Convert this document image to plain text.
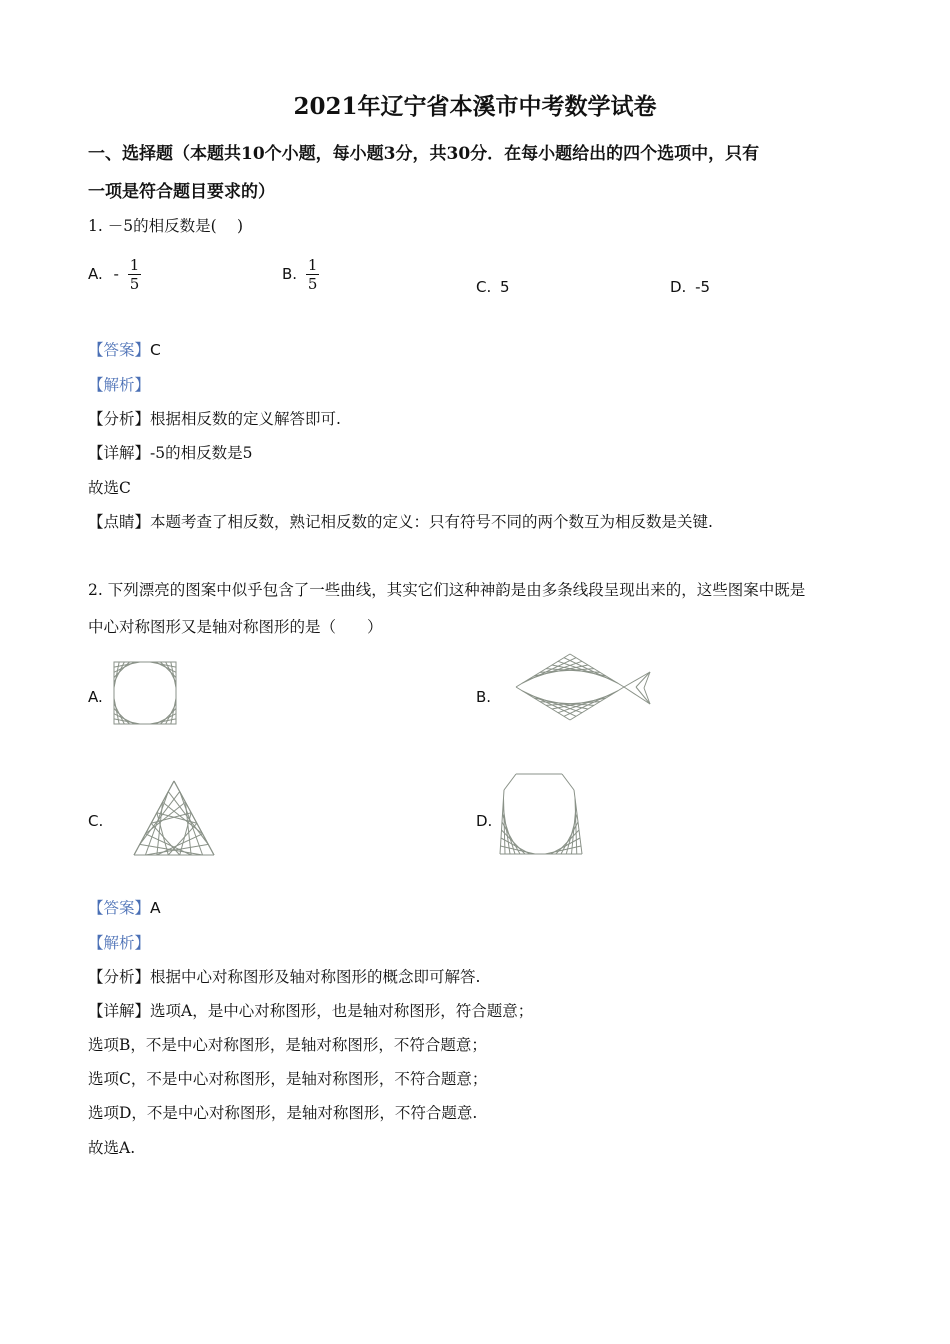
2021年辽宁省本溪市中考数学试卷
一、选择题（本题共10个小题，每小题3分，共30分．在每小题给出的四个选项中，只有
一项是符合题目要求的）
1. －5的相反数是(　 )
A. - $\frac{1}{5}$	B. $\frac{1}{5}$	C. 5	D. -5
【答案】C
【解析】
【分析】根据相反数的定义解答即可.
【详解】-5的相反数是5
故选C
【点睛】本题考查了相反数，熟记相反数的定义：只有符号不同的两个数互为相反数是关键.
2. 下列漂亮的图案中似乎包含了一些曲线，其实它们这种神韵是由多条线段呈现出来的，这些图案中既是
中心对称图形又是轴对称图形的是（　　）
A.	B.
C.	D.
【答案】A
【解析】
【分析】根据中心对称图形及轴对称图形的概念即可解答.
【详解】选项A，是中心对称图形，也是轴对称图形，符合题意；
选项B，不是中心对称图形，是轴对称图形，不符合题意；
选项C，不是中心对称图形，是轴对称图形，不符合题意；
选项D，不是中心对称图形，是轴对称图形，不符合题意.
故选A.
